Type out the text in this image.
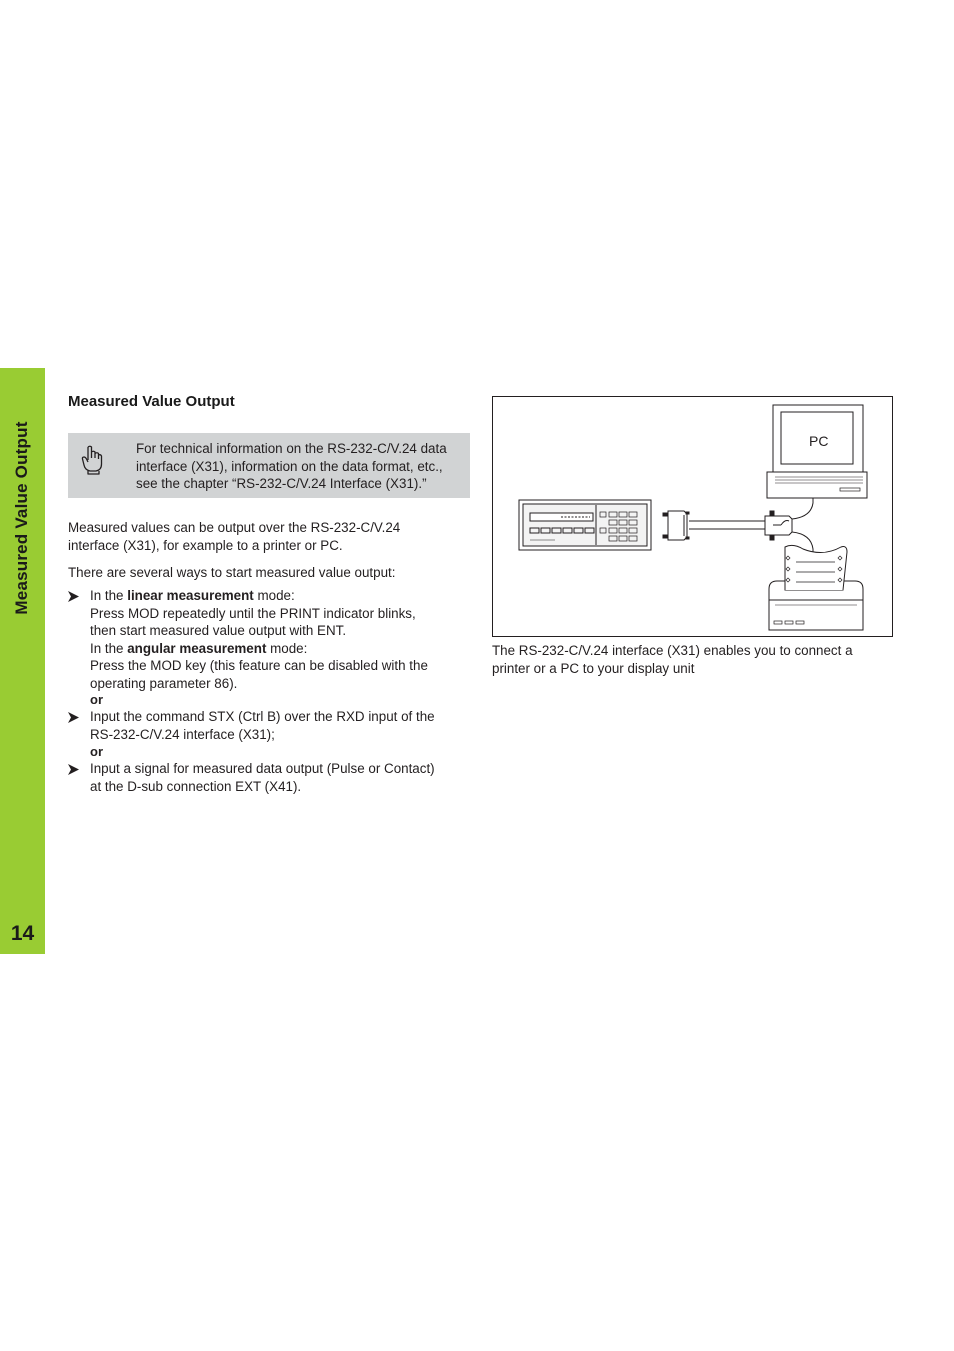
Measured Value Output
14
Measured Value Output
For technical information on the RS-232-C/V.24 data
interface (X31), information on the data format, etc.,
see the chapter “RS-232-C/V.24 Interface (X31).”
Measured values can be output over the RS-232-C/V.24
interface (X31), for example to a printer or PC.
There are several ways to start measured value output:

In the linear measurement mode:

Press MOD repeatedly until the PRINT indicator blinks,

then start measured value output with ENT.

In the angular measurement mode:

Press the MOD key (this feature can be disabled with the

operating parameter 86).

or

Input the command STX (Ctrl B) over the RXD input of the

RS-232-C/V.24 interface (X31);

or

Input a signal for measured data output (Pulse or Contact)

at the D-sub connection EXT (X41).

PC
The RS-232-C/V.24 interface (X31) enables you to connect a
printer or a PC to your display unit
